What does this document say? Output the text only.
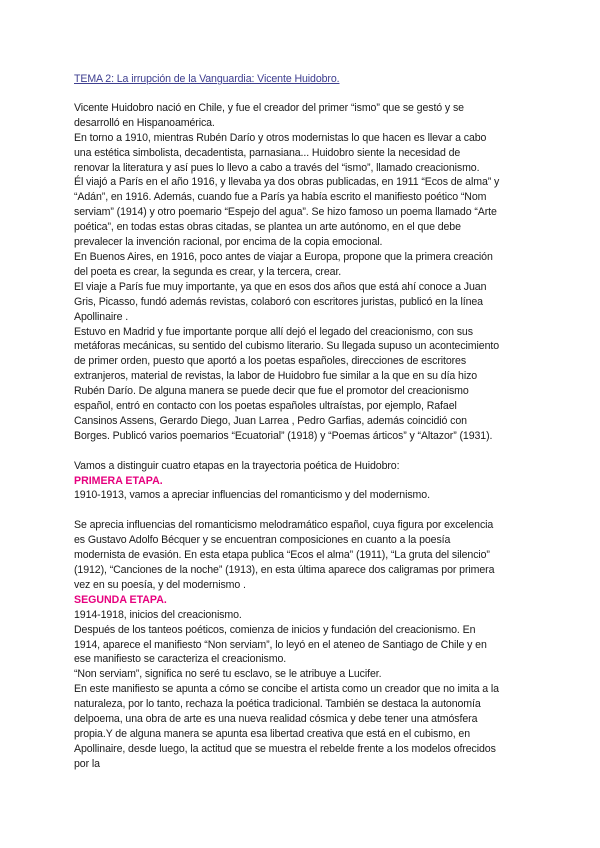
TEMA 2: La irrupción de la Vanguardia: Vicente Huidobro.

Vicente Huidobro nació en Chile, y fue el creador del primer “ismo” que se gestó y se
desarrolló en Hispanoamérica.

En torno a 1910, mientras Rubén Darío y otros modernistas lo que hacen es llevar a cabo
una estética simbolista, decadentista, parnasiana... Huidobro siente la necesidad de
renovar la literatura y así pues lo llevo a cabo a través del “ismo”, llamado creacionismo.

Él viajó a París en el año 1916, y llevaba ya dos obras publicadas, en 1911 “Ecos de alma” y
“Adán”, en 1916. Además, cuando fue a París ya había escrito el manifiesto poético “Nom
serviam” (1914) y otro poemario “Espejo del agua”. Se hizo famoso un poema llamado “Arte
poética”, en todas estas obras citadas, se plantea un arte autónomo, en el que debe
prevalecer la invención racional, por encima de la copia emocional.

En Buenos Aires, en 1916, poco antes de viajar a Europa, propone que la primera creación
del poeta es crear, la segunda es crear, y la tercera, crear.

El viaje a París fue muy importante, ya que en esos dos años que está ahí conoce a Juan
Gris, Picasso, fundó además revistas, colaboró con escritores juristas, publicó en la línea
Apollinaire .

Estuvo en Madrid y fue importante porque allí dejó el legado del creacionismo, con sus
metáforas mecánicas, su sentido del cubismo literario. Su llegada supuso un acontecimiento
de primer orden, puesto que aportó a los poetas españoles, direcciones de escritores
extranjeros, material de revistas, la labor de Huidobro fue similar a la que en su día hizo
Rubén Darío. De alguna manera se puede decir que fue el promotor del creacionismo
español, entró en contacto con los poetas españoles ultraístas, por ejemplo, Rafael
Cansinos Assens, Gerardo Diego, Juan Larrea , Pedro Garfias, además coincidió con
Borges. Publicó varios poemarios “Ecuatorial” (1918) y “Poemas árticos” y “Altazor” (1931).

Vamos a distinguir cuatro etapas en la trayectoria poética de Huidobro:

PRIMERA ETAPA.

1910-1913, vamos a apreciar influencias del romanticismo y del modernismo.

Se aprecia influencias del romanticismo melodramático español, cuya figura por excelencia
es Gustavo Adolfo Bécquer y se encuentran composiciones en cuanto a la poesía
modernista de evasión. En esta etapa publica “Ecos el alma” (1911), “La gruta del silencio”
(1912), “Canciones de la noche” (1913), en esta última aparece dos caligramas por primera
vez en su poesía, y del modernismo .

SEGUNDA ETAPA.

1914-1918, inicios del creacionismo.

Después de los tanteos poéticos, comienza de inicios y fundación del creacionismo. En
1914, aparece el manifiesto “Non serviam”, lo leyó en el ateneo de Santiago de Chile y en
ese manifiesto se caracteriza el creacionismo.

“Non serviam”, significa no seré tu esclavo, se le atribuye a Lucifer.

En este manifiesto se apunta a cómo se concibe el artista como un creador que no imita a la
naturaleza, por lo tanto, rechaza la poética tradicional. También se destaca la autonomía
delpoema, una obra de arte es una nueva realidad cósmica y debe tener una atmósfera
propia.Y de alguna manera se apunta esa libertad creativa que está en el cubismo, en
Apollinaire, desde luego, la actitud que se muestra el rebelde frente a los modelos ofrecidos
por la
